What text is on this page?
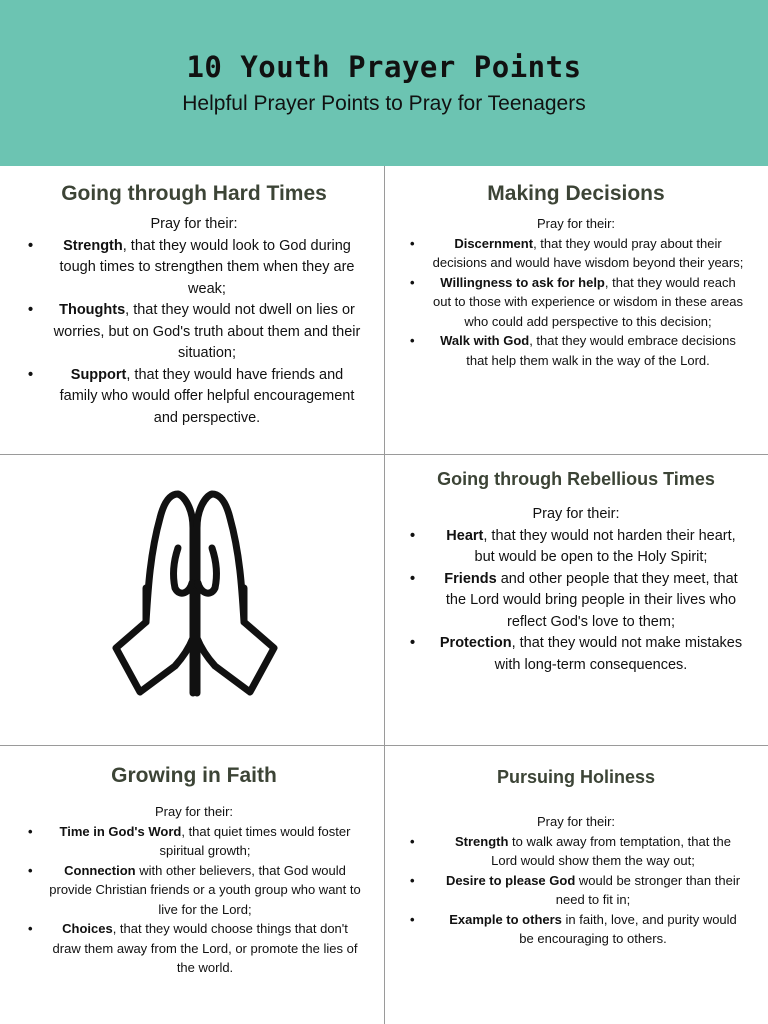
10 Youth Prayer Points
Helpful Prayer Points to Pray for Teenagers
Going through Hard Times

Pray for their:

• Strength, that they would look to God during tough times to strengthen them when they are weak;
• Thoughts, that they would not dwell on lies or worries, but on God's truth about them and their situation;
• Support, that they would have friends and family who would offer helpful encouragement and perspective.
Making Decisions

Pray for their:

• Discernment, that they would pray about their decisions and would have wisdom beyond their years;
• Willingness to ask for help, that they would reach out to those with experience or wisdom in these areas who could add perspective to this decision;
• Walk with God, that they would embrace decisions that help them walk in the way of the Lord.
Going through Rebellious Times

Pray for their:

• Heart, that they would not harden their heart, but would be open to the Holy Spirit;
• Friends and other people that they meet, that the Lord would bring people in their lives who reflect God's love to them;
• Protection, that they would not make mistakes with long-term consequences.
Growing in Faith

Pray for their:

• Time in God's Word, that quiet times would foster spiritual growth;
• Connection with other believers, that God would provide Christian friends or a youth group who want to live for the Lord;
• Choices, that they would choose things that don't draw them away from the Lord, or promote the lies of the world.
Pursuing Holiness

Pray for their:

• Strength to walk away from temptation, that the Lord would show them the way out;
• Desire to please God would be stronger than their need to fit in;
• Example to others in faith, love, and purity would be encouraging to others.
